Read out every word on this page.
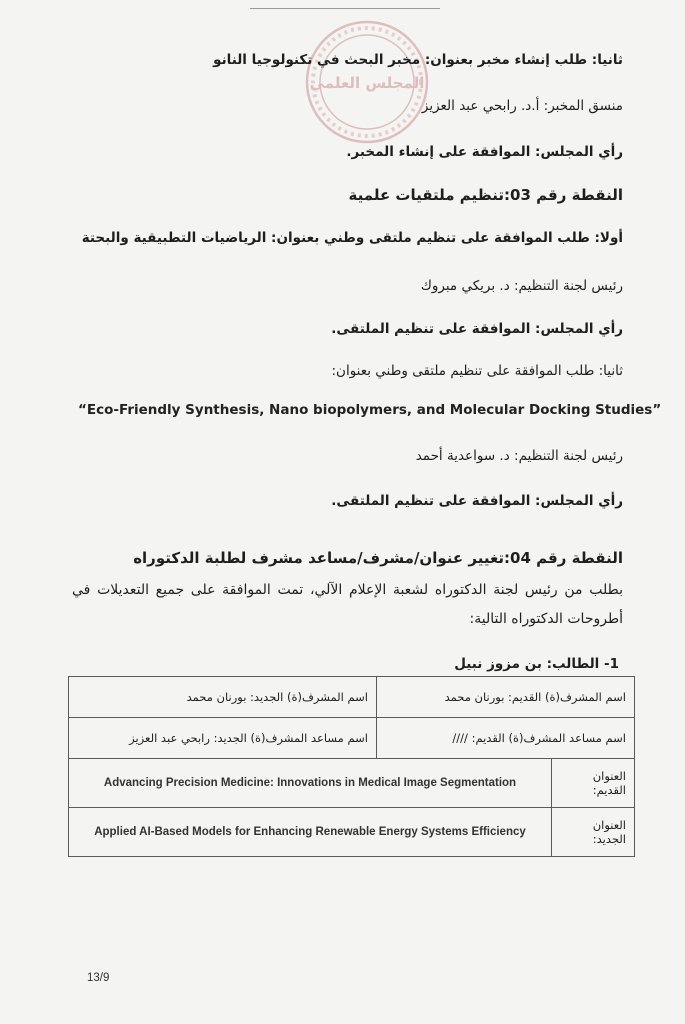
المجلس العلمي

ثانيا: طلب إنشاء مخبر بعنوان: مخبر البحث في تكنولوجيا النانو

منسق المخبر: أ.د. رابحي عبد العزيز

رأي المجلس: الموافقة على إنشاء المخبر.

النقطة رقم 03:تنظيم ملتقيات علمية

أولا: طلب الموافقة على تنظيم ملتقى وطني بعنوان: الرياضيات التطبيقية والبحتة

رئيس لجنة التنظيم: د. بريكي مبروك

رأي المجلس: الموافقة على تنظيم الملتقى.

ثانيا: طلب الموافقة على تنظيم ملتقى وطني بعنوان:

“Eco-Friendly Synthesis, Nano biopolymers, and Molecular Docking Studies”

رئيس لجنة التنظيم: د. سواعدية أحمد

رأي المجلس: الموافقة على تنظيم الملتقى.

النقطة رقم 04:تغيير عنوان/مشرف/مساعد مشرف لطلبة الدكتوراه

بطلب من رئيس لجنة الدكتوراه لشعبة الإعلام الآلي، تمت الموافقة على جميع التعديلات في أطروحات الدكتوراه التالية:

1- الطالب: بن مزوز نبيل

اسم المشرف(ة) القديم: بورنان محمد		اسم المشرف(ة) الجديد: بورنان محمد
اسم مساعد المشرف(ة) القديم: ////		اسم مساعد المشرف(ة) الجديد: رابحي عبد العزيز
العنوان القديم:	Advancing Precision Medicine: Innovations in Medical Image Segmentation	
العنوان الجديد:	Applied AI-Based Models for Enhancing Renewable Energy Systems Efficiency	

13/9
